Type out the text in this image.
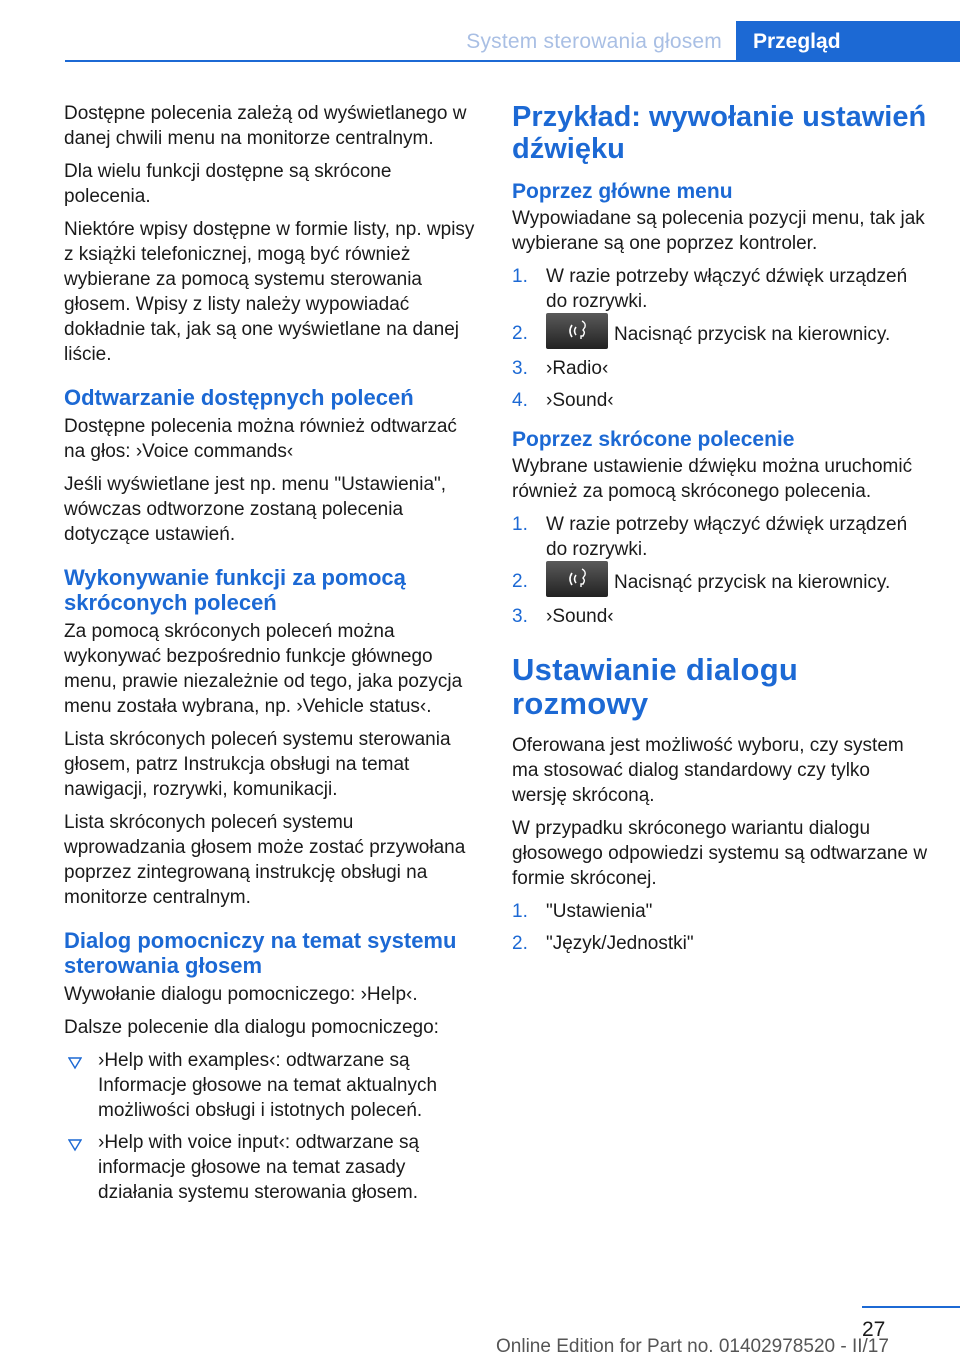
System sterowania głosem	Przegląd

Dostępne polecenia zależą od wyświetlanego w danej chwili menu na monitorze centralnym.

Dla wielu funkcji dostępne są skrócone polecenia.

Niektóre wpisy dostępne w formie listy, np. wpisy z książki telefonicznej, mogą być również wybierane za pomocą systemu sterowania głosem. Wpisy z listy należy wypowiadać dokładnie tak, jak są one wyświetlane na danej liście.

Odtwarzanie dostępnych poleceń

Dostępne polecenia można również odtwarzać na głos: ›Voice commands‹

Jeśli wyświetlane jest np. menu "Ustawienia", wówczas odtworzone zostaną polecenia dotyczące ustawień.

Wykonywanie funkcji za pomocą skróconych poleceń

Za pomocą skróconych poleceń można wykonywać bezpośrednio funkcje głównego menu, prawie niezależnie od tego, jaka pozycja menu została wybrana, np. ›Vehicle status‹.

Lista skróconych poleceń systemu sterowania głosem, patrz Instrukcja obsługi na temat nawigacji, rozrywki, komunikacji.

Lista skróconych poleceń systemu wprowadzania głosem może zostać przywołana poprzez zintegrowaną instrukcję obsługi na monitorze centralnym.

Dialog pomocniczy na temat systemu sterowania głosem

Wywołanie dialogu pomocniczego: ›Help‹.

Dalsze polecenie dla dialogu pomocniczego:

›Help with examples‹: odtwarzane są Informacje głosowe na temat aktualnych możliwości obsługi i istotnych poleceń.
›Help with voice input‹: odtwarzane są informacje głosowe na temat zasady działania systemu sterowania głosem.
Przykład: wywołanie ustawień dźwięku
Poprzez główne menu

Wypowiadane są polecenia pozycji menu, tak jak wybierane są one poprzez kontroler.

1. W razie potrzeby włączyć dźwięk urządzeń do rozrywki.
2.	Nacisnąć przycisk na kierownicy.
3. ›Radio‹
4. ›Sound‹
Poprzez skrócone polecenie

Wybrane ustawienie dźwięku można uruchomić również za pomocą skróconego polecenia.

1. W razie potrzeby włączyć dźwięk urządzeń do rozrywki.
2.	Nacisnąć przycisk na kierownicy.
3. ›Sound‹
Ustawianie dialogu rozmowy

Oferowana jest możliwość wyboru, czy system ma stosować dialog standardowy czy tylko wersję skróconą.

W przypadku skróconego wariantu dialogu głosowego odpowiedzi systemu są odtwarzane w formie skróconej.

1. "Ustawienia"
2. "Język/Jednostki"
27
Online Edition for Part no. 01402978520 - II/17
